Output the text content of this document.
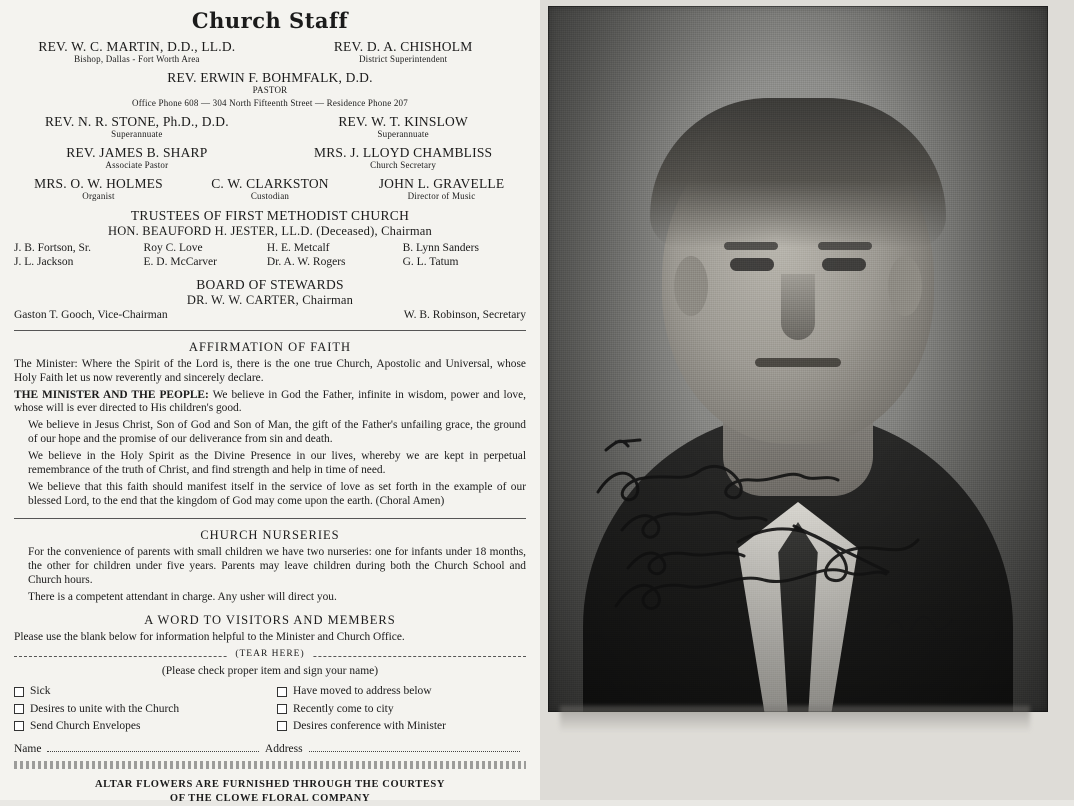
Church Staff
REV. W. C. MARTIN, D.D., LL.D.
Bishop, Dallas - Fort Worth Area
REV. D. A. CHISHOLM
District Superintendent
REV. ERWIN F. BOHMFALK, D.D.
PASTOR
Office Phone 608 — 304 North Fifteenth Street — Residence Phone 207
REV. N. R. STONE, Ph.D., D.D.
Superannuate
REV. W. T. KINSLOW
Superannuate
REV. JAMES B. SHARP
Associate Pastor
MRS. J. LLOYD CHAMBLISS
Church Secretary
MRS. O. W. HOLMES
Organist
C. W. CLARKSTON
Custodian
JOHN L. GRAVELLE
Director of Music
TRUSTEES OF FIRST METHODIST CHURCH
HON. BEAUFORD H. JESTER, LL.D. (Deceased), Chairman
J. B. Fortson, Sr.	Roy C. Love	H. E. Metcalf	B. Lynn Sanders
J. L. Jackson	E. D. McCarver	Dr. A. W. Rogers	G. L. Tatum
BOARD OF STEWARDS
DR. W. W. CARTER, Chairman
Gaston T. Gooch, Vice-Chairman	W. B. Robinson, Secretary
AFFIRMATION OF FAITH

The Minister: Where the Spirit of the Lord is, there is the one true Church, Apostolic and Universal, whose Holy Faith let us now reverently and sincerely declare.

THE MINISTER AND THE PEOPLE: We believe in God the Father, infinite in wisdom, power and love, whose will is ever directed to His children's good.

We believe in Jesus Christ, Son of God and Son of Man, the gift of the Father's unfailing grace, the ground of our hope and the promise of our deliverance from sin and death.

We believe in the Holy Spirit as the Divine Presence in our lives, whereby we are kept in perpetual remembrance of the truth of Christ, and find strength and help in time of need.

We believe that this faith should manifest itself in the service of love as set forth in the example of our blessed Lord, to the end that the kingdom of God may come upon the earth. (Choral Amen)

CHURCH NURSERIES

For the convenience of parents with small children we have two nurseries: one for infants under 18 months, the other for children under five years. Parents may leave children during both the Church School and Church hours.

There is a competent attendant in charge. Any usher will direct you.

A WORD TO VISITORS AND MEMBERS

Please use the blank below for information helpful to the Minister and Church Office.

(TEAR HERE)
(Please check proper item and sign your name)
Sick	Have moved to address below
Desires to unite with the Church	Recently come to city
Send Church Envelopes	Desires conference with Minister
Name	Address
ALTAR FLOWERS ARE FURNISHED THROUGH THE COURTESY
OF THE CLOWE FLORAL COMPANY
